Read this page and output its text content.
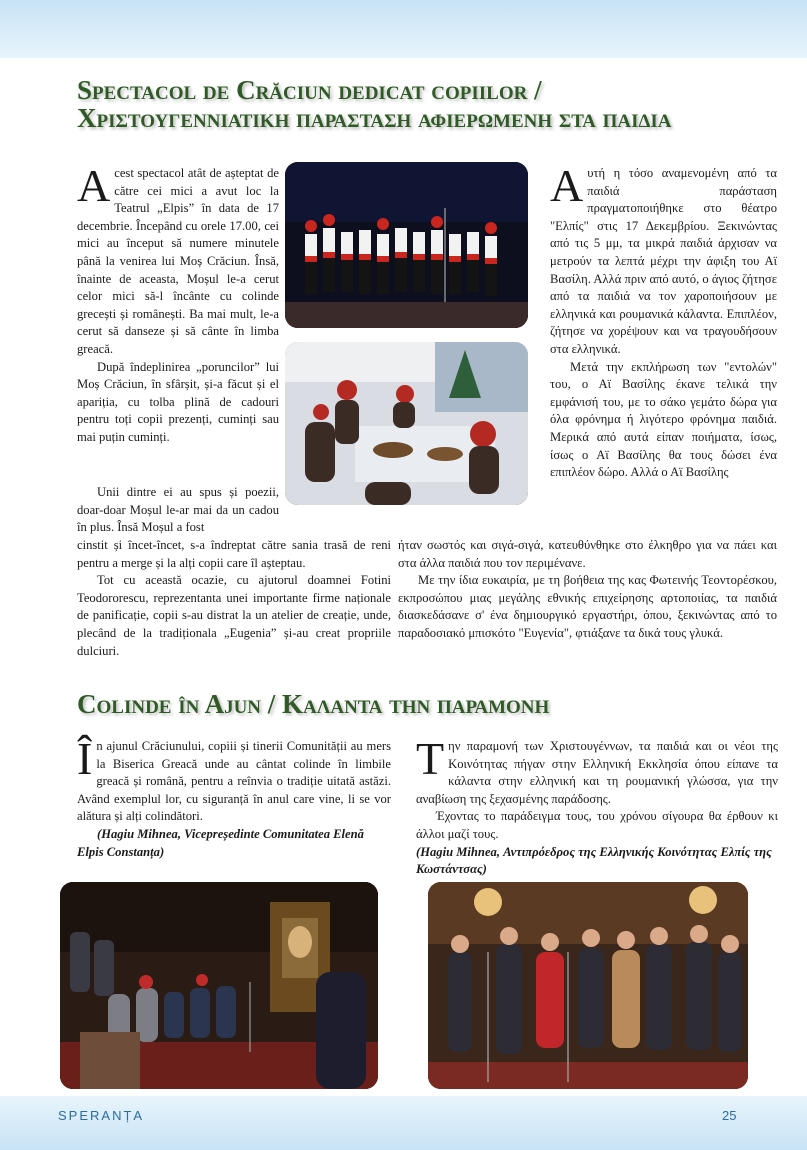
Spectacol de Crăciun dedicat copiilor /
Χριστουγεννιατικη παρασταση αφιερωμενη στα παιδια

Acest spectacol atât de așteptat de către cei mici a avut loc la Teatrul „Elpis” în data de 17 decembrie. Începând cu orele 17.00, cei mici au început să numere minutele până la venirea lui Moș Crăciun. Însă, înainte de aceasta, Moșul le-a cerut celor mici să-l încânte cu colinde grecești și românești. Ba mai mult, le-a cerut să danseze și să cânte în limba greacă.

După îndeplinirea „poruncilor” lui Moș Crăciun, în sfârșit, și-a făcut și el apariția, cu tolba plină de cadouri pentru toți copii prezenți, cuminți sau mai puțin cuminți.

Unii dintre ei au spus și poezii, doar-doar Moșul le-ar mai da un cadou în plus. Însă Moșul a fost

cinstit și încet-încet, s-a îndreptat către sania trasă de reni pentru a merge și la alți copii care îl așteptau.

Tot cu această ocazie, cu ajutorul doamnei Fotini Teodororescu, reprezentanta unei importante firme naționale de panificație, copii s-au distrat la un atelier de creație, unde, plecând de la tradiționala „Eugenia” și-au creat propriile dulciuri.

Aυτή η τόσο αναμενομένη από τα παιδιά παράσταση πραγματοποιήθηκε στο θέατρο "Ελπίς" στις 17 Δεκεμβρίου. Ξεκινώντας από τις 5 μμ, τα μικρά παιδιά άρχισαν να μετρούν τα λεπτά μέχρι την άφιξη του Αϊ Βασίλη. Αλλά πριν από αυτό, ο άγιος ζήτησε από τα παιδιά να τον χαροποιήσουν με ελληνικά και ρουμανικά κάλαντα. Επιπλέον, ζήτησε να χορέψουν και να τραγουδήσουν στα ελληνικά.

Μετά την εκπλήρωση των "εντολών" του, ο Αϊ Βασίλης έκανε τελικά την εμφάνισή του, με το σάκο γεμάτο δώρα για όλα φρόνημα ή λιγότερο φρόνημα παιδιά. Μερικά από αυτά είπαν ποιήματα, ίσως, ίσως ο Αϊ Βασίλης θα τους δώσει ένα επιπλέον δώρο. Αλλά ο Αϊ Βασίλης

ήταν σωστός και σιγά-σιγά, κατευθύνθηκε στο έλκηθρο για να πάει και στα άλλα παιδιά που τον περιμένανε.

Με την ίδια ευκαιρία, με τη βοήθεια της κας Φωτεινής Τεοντορέσκου, εκπροσώπου μιας μεγάλης εθνικής επιχείρησης αρτοποιίας, τα παιδιά διασκεδάσανε σ' ένα δημιουργικό εργαστήρι, όπου, ξεκινώντας από το παραδοσιακό μπισκότο "Ευγενία", φτιάξανε τα δικά τους γλυκά.

Colinde în Ajun / Καλαντα την παραμονη

În ajunul Crăciunului, copiii și tinerii Comunității au mers la Biserica Greacă unde au cântat colinde în limbile greacă și română, pentru a reînvia o tradiție uitată astăzi. Având exemplul lor, cu siguranță în anul care vine, li se vor alătura și alți colindători.

(Hagiu Mihnea, Vicepreședinte Comunitatea Elenă Elpis Constanța)

Tην παραμονή των Χριστουγέννων, τα παιδιά και οι νέοι της Κοινότητας πήγαν στην Ελληνική Εκκλησία όπου είπανε τα κάλαντα στην ελληνική και τη ρουμανική γλώσσα, για την αναβίωση της ξεχασμένης παράδοσης.

Έχοντας το παράδειγμα τους, του χρόνου σίγουρα θα έρθουν κι άλλοι μαζί τους.

(Hagiu Mihnea, Αντιπρόεδρος της Ελληνικής Κοινότητας Ελπίς της Κωστάντσας)

SPERANȚA	25
